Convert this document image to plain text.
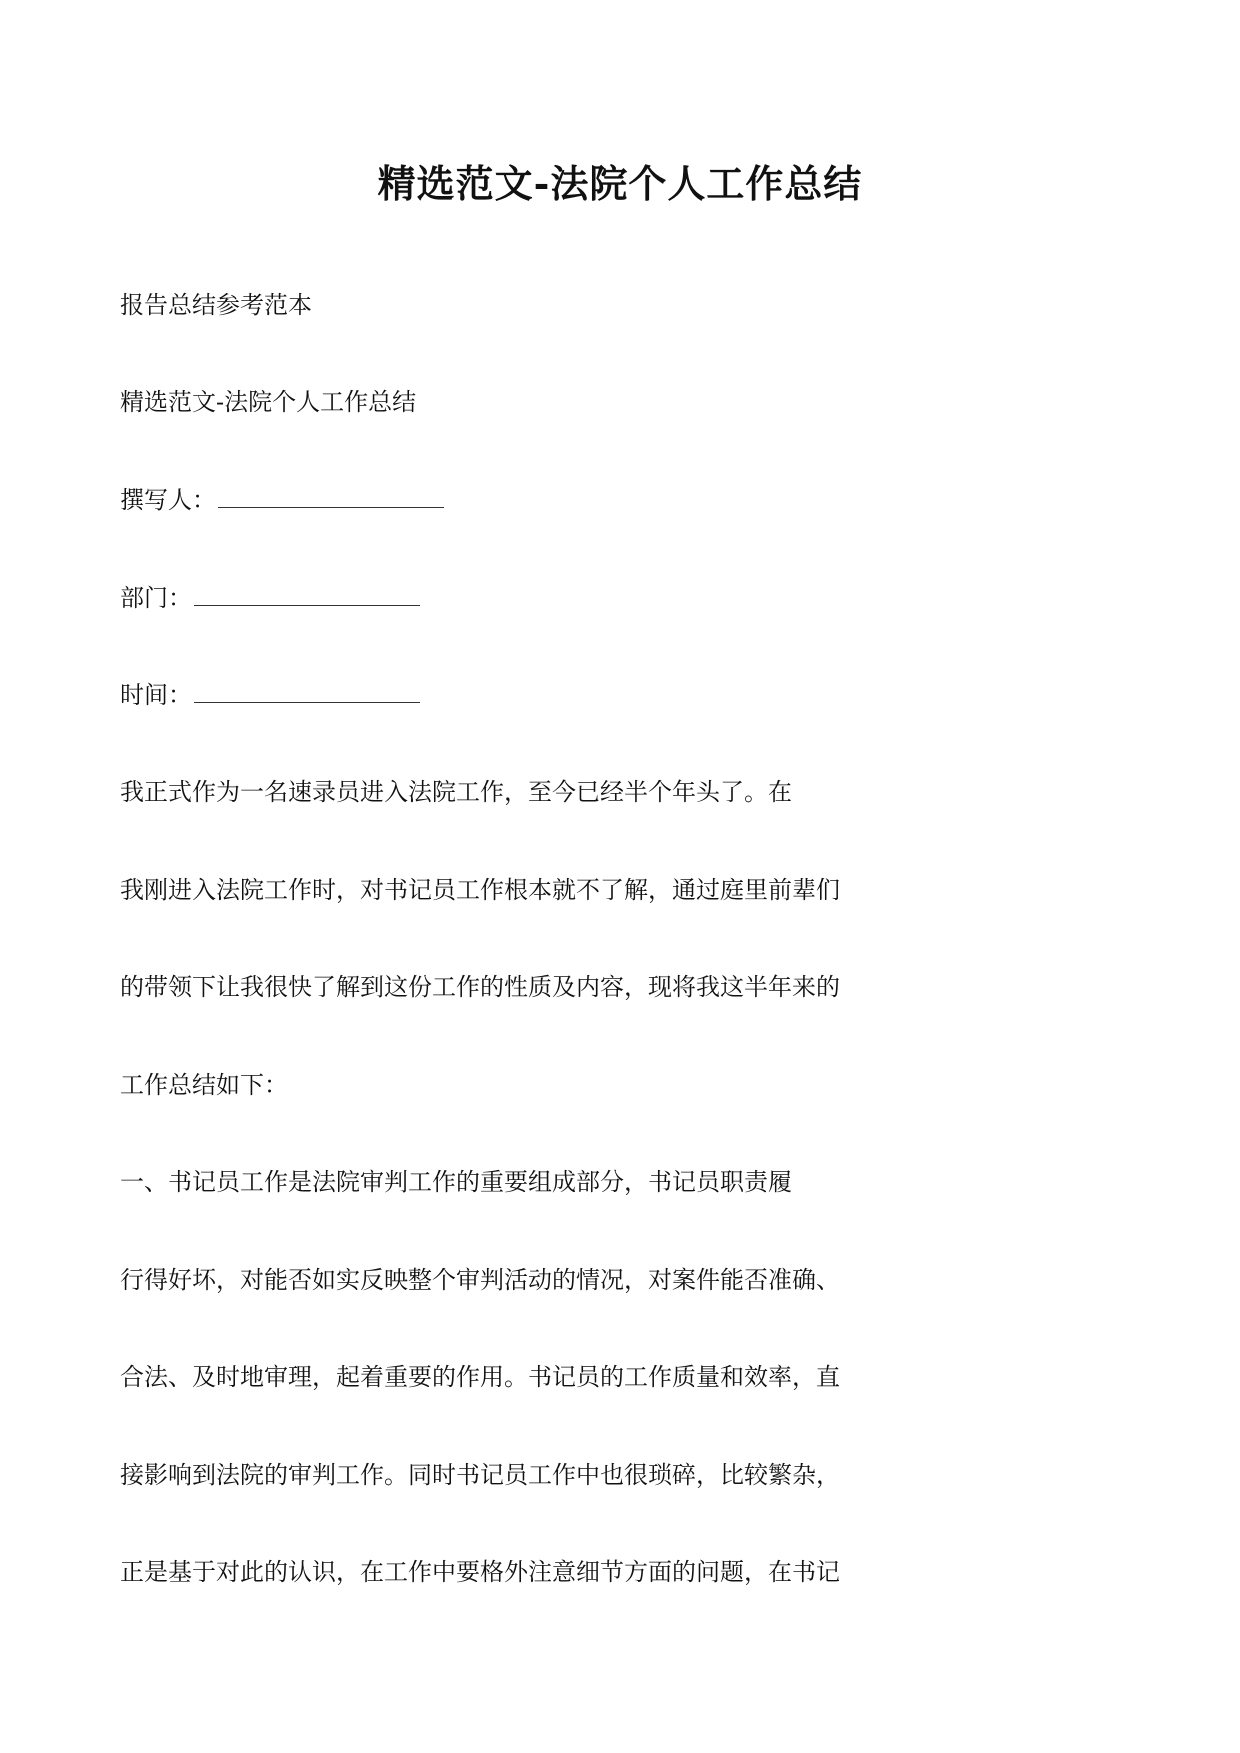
精选范文-法院个人工作总结

报告总结参考范本

精选范文-法院个人工作总结

撰写人：

部门：

时间：

我正式作为一名速录员进入法院工作，至今已经半个年头了。在

我刚进入法院工作时，对书记员工作根本就不了解，通过庭里前辈们

的带领下让我很快了解到这份工作的性质及内容，现将我这半年来的

工作总结如下：

一、书记员工作是法院审判工作的重要组成部分，书记员职责履

行得好坏，对能否如实反映整个审判活动的情况，对案件能否准确、

合法、及时地审理，起着重要的作用。书记员的工作质量和效率，直

接影响到法院的审判工作。同时书记员工作中也很琐碎，比较繁杂，

正是基于对此的认识，在工作中要格外注意细节方面的问题，在书记
